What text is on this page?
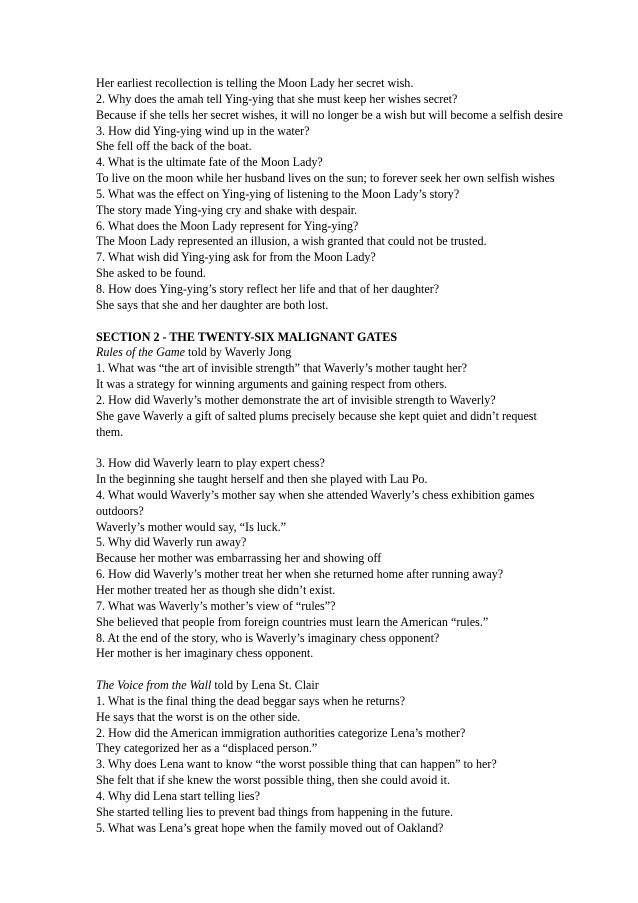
Her earliest recollection is telling the Moon Lady her secret wish.
2. Why does the amah tell Ying-ying that she must keep her wishes secret?
Because if she tells her secret wishes, it will no longer be a wish but will become a selfish desire
3. How did Ying-ying wind up in the water?
She fell off the back of the boat.
4. What is the ultimate fate of the Moon Lady?
To live on the moon while her husband lives on the sun; to forever seek her own selfish wishes
5. What was the effect on Ying-ying of listening to the Moon Lady’s story?
The story made Ying-ying cry and shake with despair.
6. What does the Moon Lady represent for Ying-ying?
The Moon Lady represented an illusion, a wish granted that could not be trusted.
7. What wish did Ying-ying ask for from the Moon Lady?
She asked to be found.
8. How does Ying-ying’s story reflect her life and that of her daughter?
She says that she and her daughter are both lost.
SECTION 2 - THE TWENTY-SIX MALIGNANT GATES
Rules of the Game told by Waverly Jong
1. What was “the art of invisible strength” that Waverly’s mother taught her?
It was a strategy for winning arguments and gaining respect from others.
2. How did Waverly’s mother demonstrate the art of invisible strength to Waverly?
She gave Waverly a gift of salted plums precisely because she kept quiet and didn’t request them.
3. How did Waverly learn to play expert chess?
In the beginning she taught herself and then she played with Lau Po.
4. What would Waverly’s mother say when she attended Waverly’s chess exhibition games outdoors?
Waverly’s mother would say, “Is luck.”
5. Why did Waverly run away?
Because her mother was embarrassing her and showing off
6. How did Waverly’s mother treat her when she returned home after running away?
Her mother treated her as though she didn’t exist.
7. What was Waverly’s mother’s view of “rules”?
She believed that people from foreign countries must learn the American “rules.”
8. At the end of the story, who is Waverly’s imaginary chess opponent?
Her mother is her imaginary chess opponent.
The Voice from the Wall told by Lena St. Clair
1. What is the final thing the dead beggar says when he returns?
He says that the worst is on the other side.
2. How did the American immigration authorities categorize Lena’s mother?
They categorized her as a “displaced person.”
3. Why does Lena want to know “the worst possible thing that can happen” to her?
She felt that if she knew the worst possible thing, then she could avoid it.
4. Why did Lena start telling lies?
She started telling lies to prevent bad things from happening in the future.
5. What was Lena’s great hope when the family moved out of Oakland?
